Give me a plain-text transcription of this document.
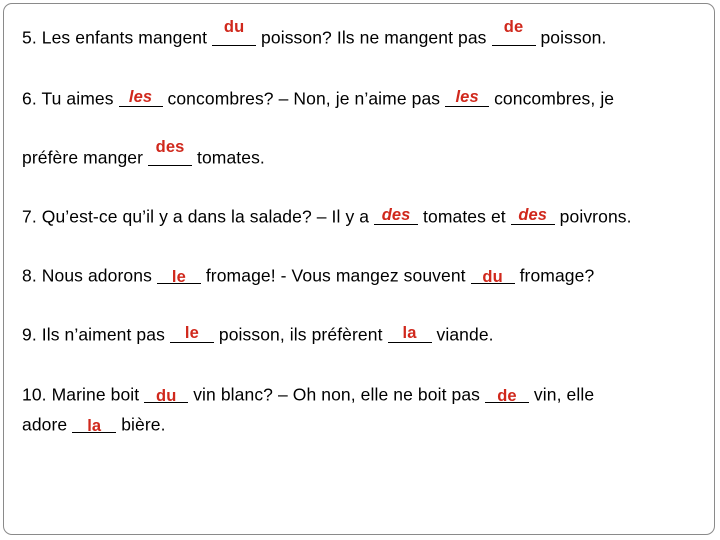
5. Les enfants mangent
du
poisson? Ils ne mangent pas
de
poisson.
6. Tu aimes les concombres? – Non, je n’aime pas les concombres, je
préfère manger
des
tomates.
7. Qu’est-ce qu’il y a dans la salade? – Il y a des tomates et des poivrons.
8. Nous adorons le fromage! - Vous mangez souvent du fromage?
9. Ils n’aiment pas le poisson, ils préfèrent la viande.
10. Marine boit du vin blanc? – Oh non, elle ne boit pas de vin, elle
adore la bière.
